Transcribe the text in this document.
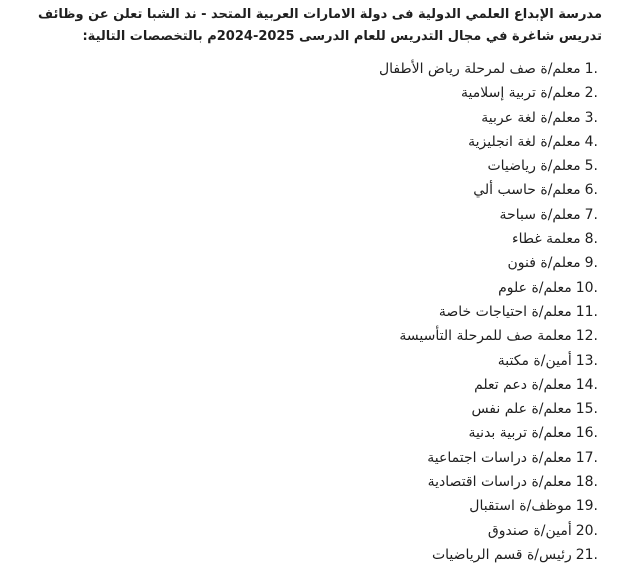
مدرسة الإبداع العلمي الدولية فى دولة الامارات العربية المتحد - ند الشبا تعلن عن وظائف تدريس شاغرة في مجال التدريس للعام الدرسى 2025-2024م بالتخصصات التالية:

1.معلم/ة صف لمرحلة رياض الأطفال
2.معلم/ة تربية إسلامية
3.معلم/ة لغة عربية
4.معلم/ة لغة انجليزية
5.معلم/ة رياضيات
6.معلم/ة حاسب ألي
7.معلم/ة سباحة
8.معلمة غطاء
9.معلم/ة فنون
10.معلم/ة علوم
11.معلم/ة احتياجات خاصة
12.معلمة صف للمرحلة التأسيسة
13.أمين/ة مكتبة
14.معلم/ة دعم تعلم
15.معلم/ة علم نفس
16.معلم/ة تربية بدنية
17.معلم/ة دراسات اجتماعية
18.معلم/ة دراسات اقتصادية
19.موظف/ة استقبال
20.أمين/ة صندوق
21.رئيس/ة قسم الرياضيات
